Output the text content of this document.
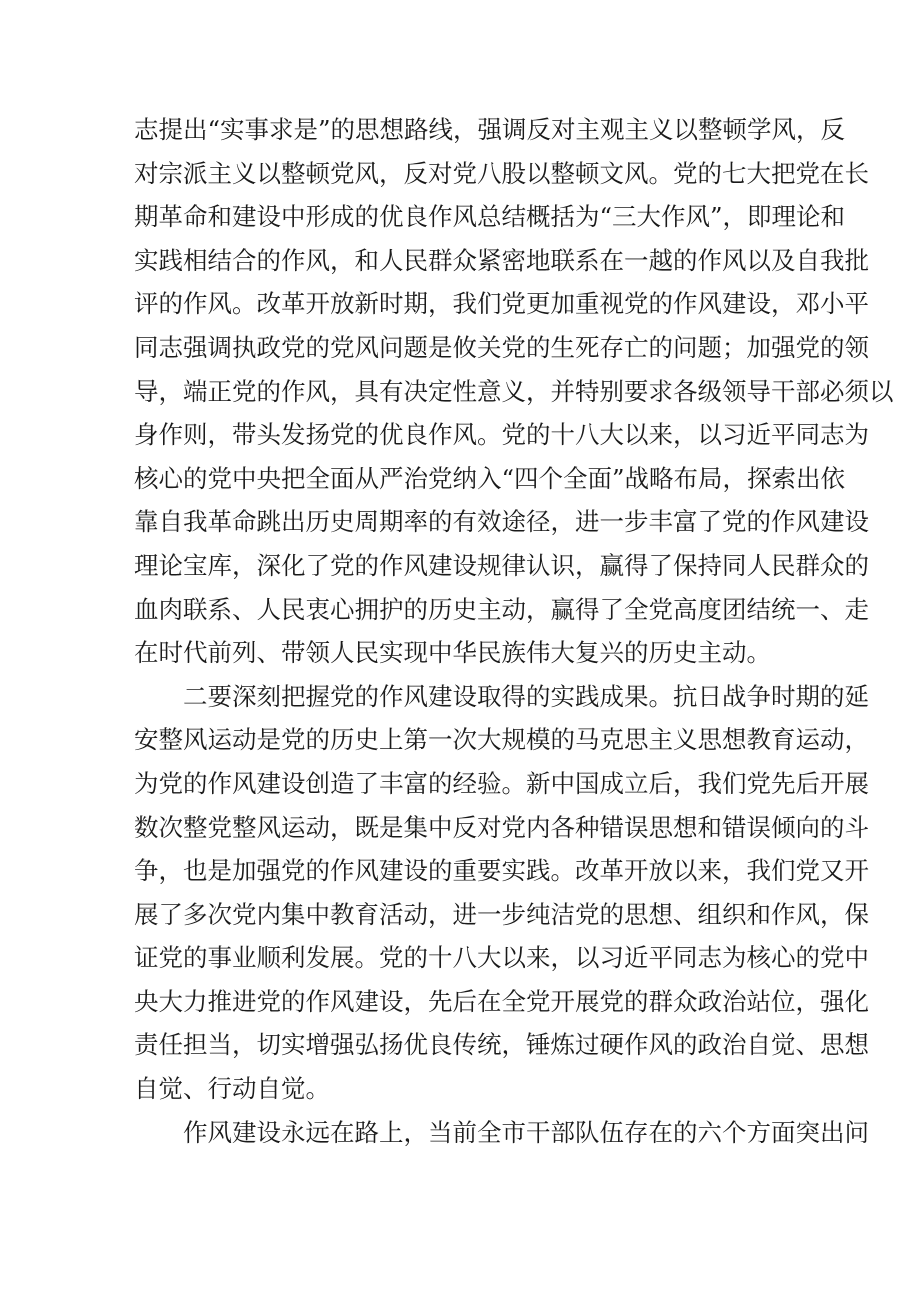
志提出“实事求是”的思想路线，强调反对主观主义以整顿学风，反
对宗派主义以整顿党风，反对党八股以整顿文风。党的七大把党在长
期革命和建设中形成的优良作风总结概括为“三大作风”，即理论和
实践相结合的作风，和人民群众紧密地联系在一越的作风以及自我批
评的作风。改革开放新时期，我们党更加重视党的作风建设，邓小平
同志强调执政党的党风问题是攸关党的生死存亡的问题；加强党的领
导，端正党的作风，具有决定性意义，并特别要求各级领导干部必须以
身作则，带头发扬党的优良作风。党的十八大以来，以习近平同志为
核心的党中央把全面从严治党纳入“四个全面”战略布局，探索出依
靠自我革命跳出历史周期率的有效途径，进一步丰富了党的作风建设
理论宝库，深化了党的作风建设规律认识，赢得了保持同人民群众的
血肉联系、人民衷心拥护的历史主动，赢得了全党高度团结统一、走
在时代前列、带领人民实现中华民族伟大复兴的历史主动。
二要深刻把握党的作风建设取得的实践成果。抗日战争时期的延
安整风运动是党的历史上第一次大规模的马克思主义思想教育运动，
为党的作风建设创造了丰富的经验。新中国成立后，我们党先后开展
数次整党整风运动，既是集中反对党内各种错误思想和错误倾向的斗
争，也是加强党的作风建设的重要实践。改革开放以来，我们党又开
展了多次党内集中教育活动，进一步纯洁党的思想、组织和作风，保
证党的事业顺利发展。党的十八大以来，以习近平同志为核心的党中
央大力推进党的作风建设，先后在全党开展党的群众政治站位，强化
责任担当，切实增强弘扬优良传统，锤炼过硬作风的政治自觉、思想
自觉、行动自觉。
作风建设永远在路上，当前全市干部队伍存在的六个方面突出问
